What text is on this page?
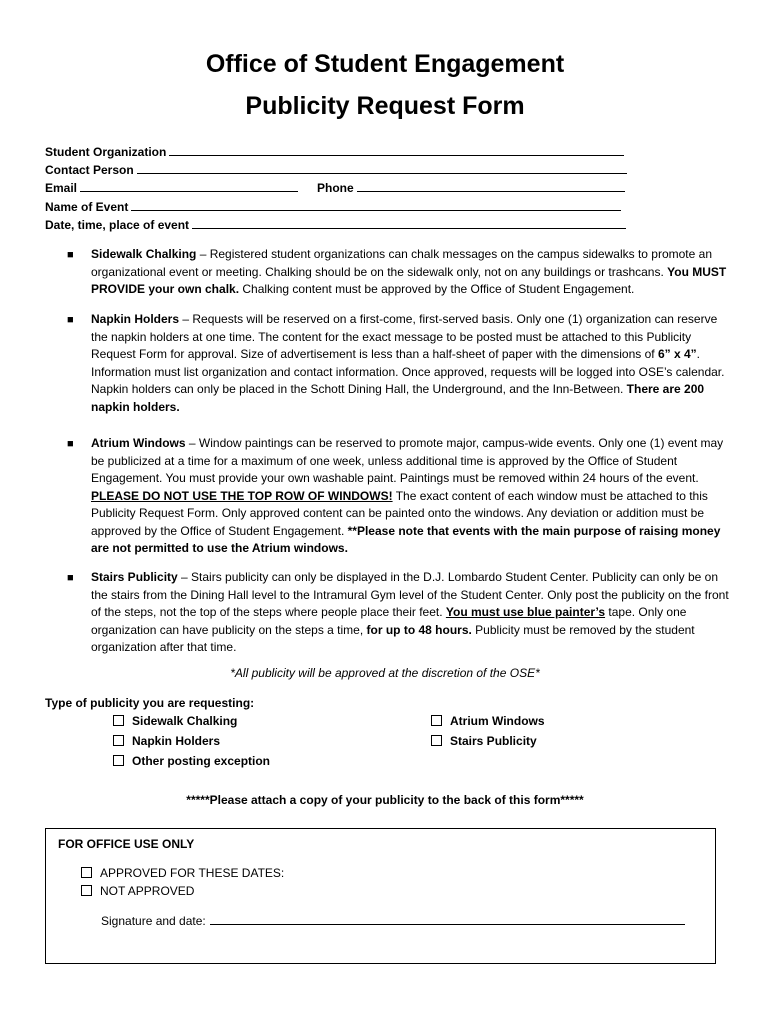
Office of Student Engagement
Publicity Request Form
Student Organization
Contact Person
Email	Phone
Name of Event
Date, time, place of event
■ Sidewalk Chalking – Registered student organizations can chalk messages on the campus sidewalks to promote an organizational event or meeting. Chalking should be on the sidewalk only, not on any buildings or trashcans. You MUST PROVIDE your own chalk. Chalking content must be approved by the Office of Student Engagement.
■ Napkin Holders – Requests will be reserved on a first-come, first-served basis. Only one (1) organization can reserve the napkin holders at one time. The content for the exact message to be posted must be attached to this Publicity Request Form for approval. Size of advertisement is less than a half-sheet of paper with the dimensions of 6” x 4”. Information must list organization and contact information. Once approved, requests will be logged into OSE’s calendar. Napkin holders can only be placed in the Schott Dining Hall, the Underground, and the Inn-Between. There are 200 napkin holders.
■ Atrium Windows – Window paintings can be reserved to promote major, campus-wide events. Only one (1) event may be publicized at a time for a maximum of one week, unless additional time is approved by the Office of Student Engagement. You must provide your own washable paint. Paintings must be removed within 24 hours of the event. PLEASE DO NOT USE THE TOP ROW OF WINDOWS! The exact content of each window must be attached to this Publicity Request Form. Only approved content can be painted onto the windows. Any deviation or addition must be approved by the Office of Student Engagement. **Please note that events with the main purpose of raising money are not permitted to use the Atrium windows.
■ Stairs Publicity – Stairs publicity can only be displayed in the D.J. Lombardo Student Center. Publicity can only be on the stairs from the Dining Hall level to the Intramural Gym level of the Student Center. Only post the publicity on the front of the steps, not the top of the steps where people place their feet. You must use blue painter’s tape. Only one organization can have publicity on the steps a time, for up to 48 hours. Publicity must be removed by the student organization after that time.
*All publicity will be approved at the discretion of the OSE*
Type of publicity you are requesting:
Sidewalk Chalking
Napkin Holders
Other posting exception
Atrium Windows
Stairs Publicity
*****Please attach a copy of your publicity to the back of this form*****
FOR OFFICE USE ONLY
APPROVED FOR THESE DATES:
NOT APPROVED
Signature and date:
